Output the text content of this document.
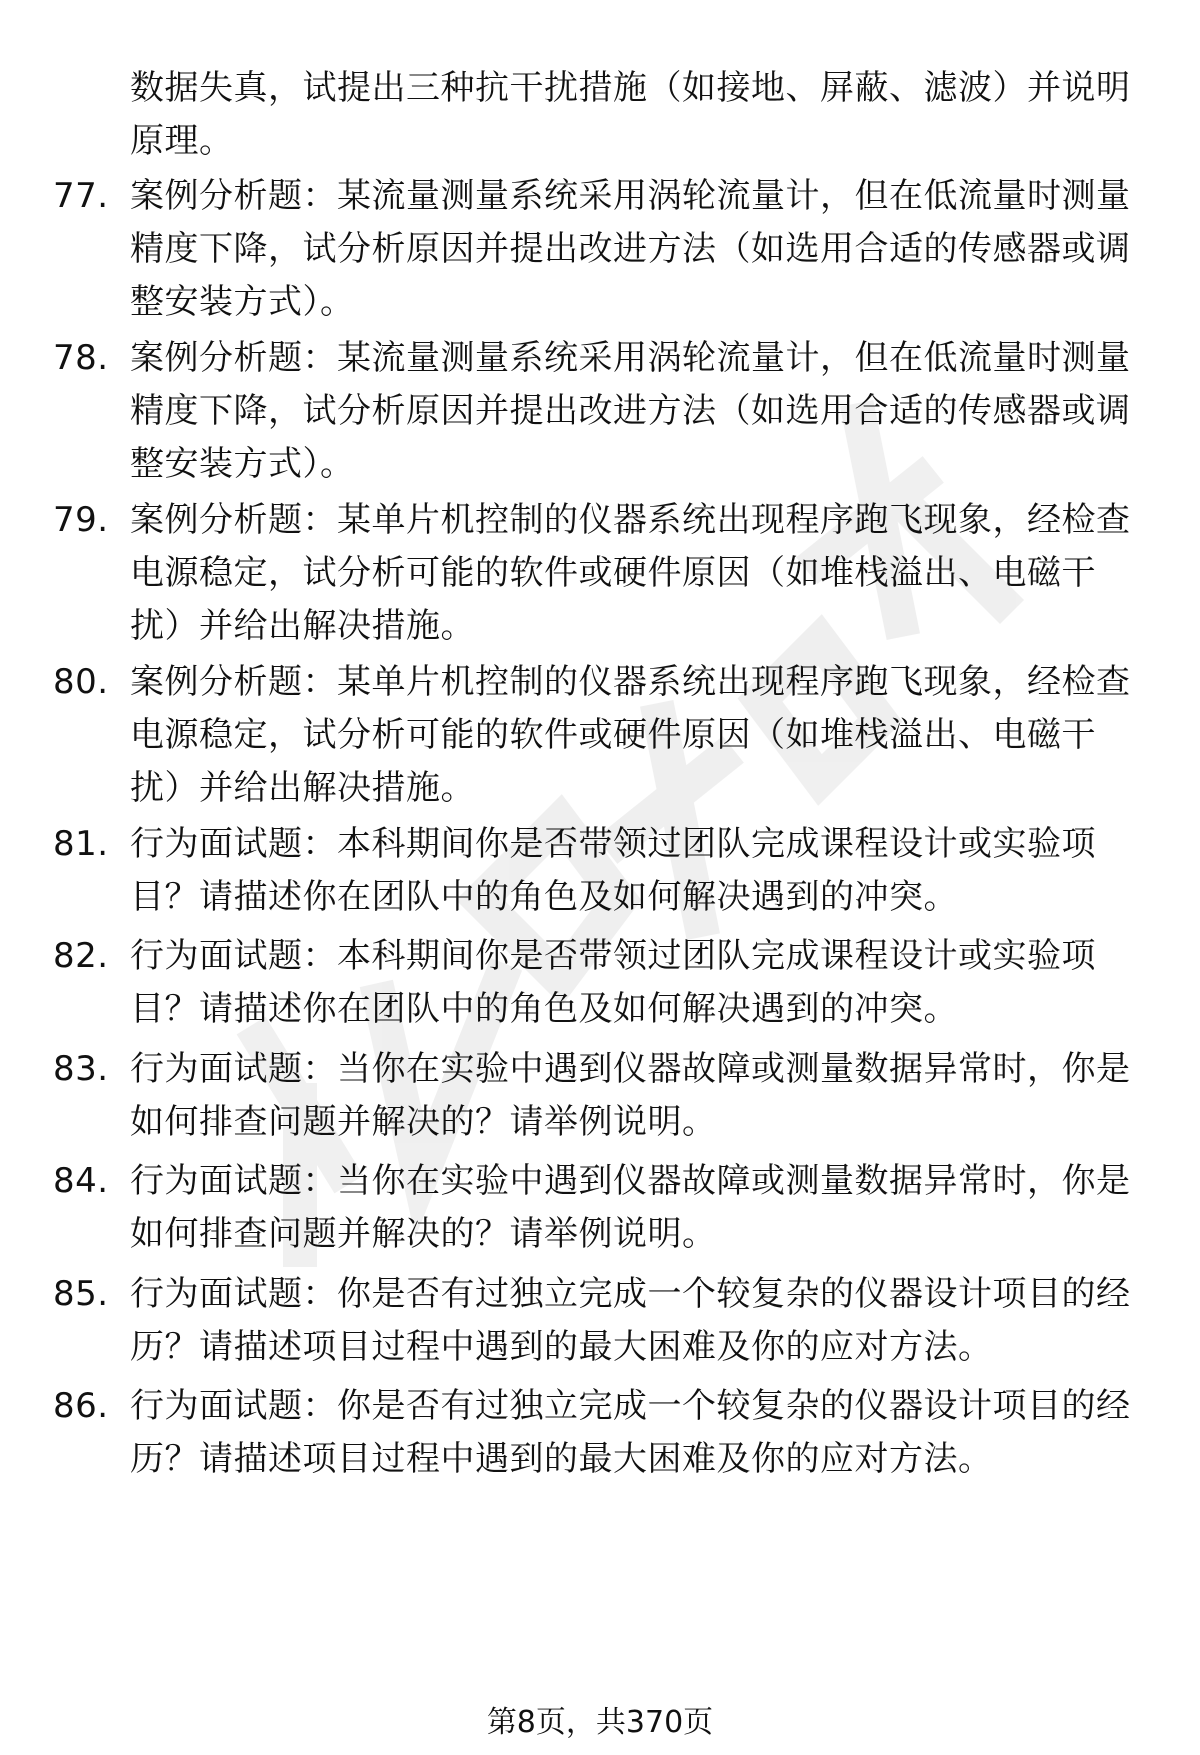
数据失真，试提出三种抗干扰措施（如接地、屏蔽、滤波）并说明原理。
77. 案例分析题：某流量测量系统采用涡轮流量计，但在低流量时测量精度下降，试分析原因并提出改进方法（如选用合适的传感器或调整安装方式）。
78. 案例分析题：某流量测量系统采用涡轮流量计，但在低流量时测量精度下降，试分析原因并提出改进方法（如选用合适的传感器或调整安装方式）。
79. 案例分析题：某单片机控制的仪器系统出现程序跑飞现象，经检查电源稳定，试分析可能的软件或硬件原因（如堆栈溢出、电磁干扰）并给出解决措施。
80. 案例分析题：某单片机控制的仪器系统出现程序跑飞现象，经检查电源稳定，试分析可能的软件或硬件原因（如堆栈溢出、电磁干扰）并给出解决措施。
81. 行为面试题：本科期间你是否带领过团队完成课程设计或实验项目？请描述你在团队中的角色及如何解决遇到的冲突。
82. 行为面试题：本科期间你是否带领过团队完成课程设计或实验项目？请描述你在团队中的角色及如何解决遇到的冲突。
83. 行为面试题：当你在实验中遇到仪器故障或测量数据异常时，你是如何排查问题并解决的？请举例说明。
84. 行为面试题：当你在实验中遇到仪器故障或测量数据异常时，你是如何排查问题并解决的？请举例说明。
85. 行为面试题：你是否有过独立完成一个较复杂的仪器设计项目的经历？请描述项目过程中遇到的最大困难及你的应对方法。
86. 行为面试题：你是否有过独立完成一个较复杂的仪器设计项目的经历？请描述项目过程中遇到的最大困难及你的应对方法。
第8页，共370页
